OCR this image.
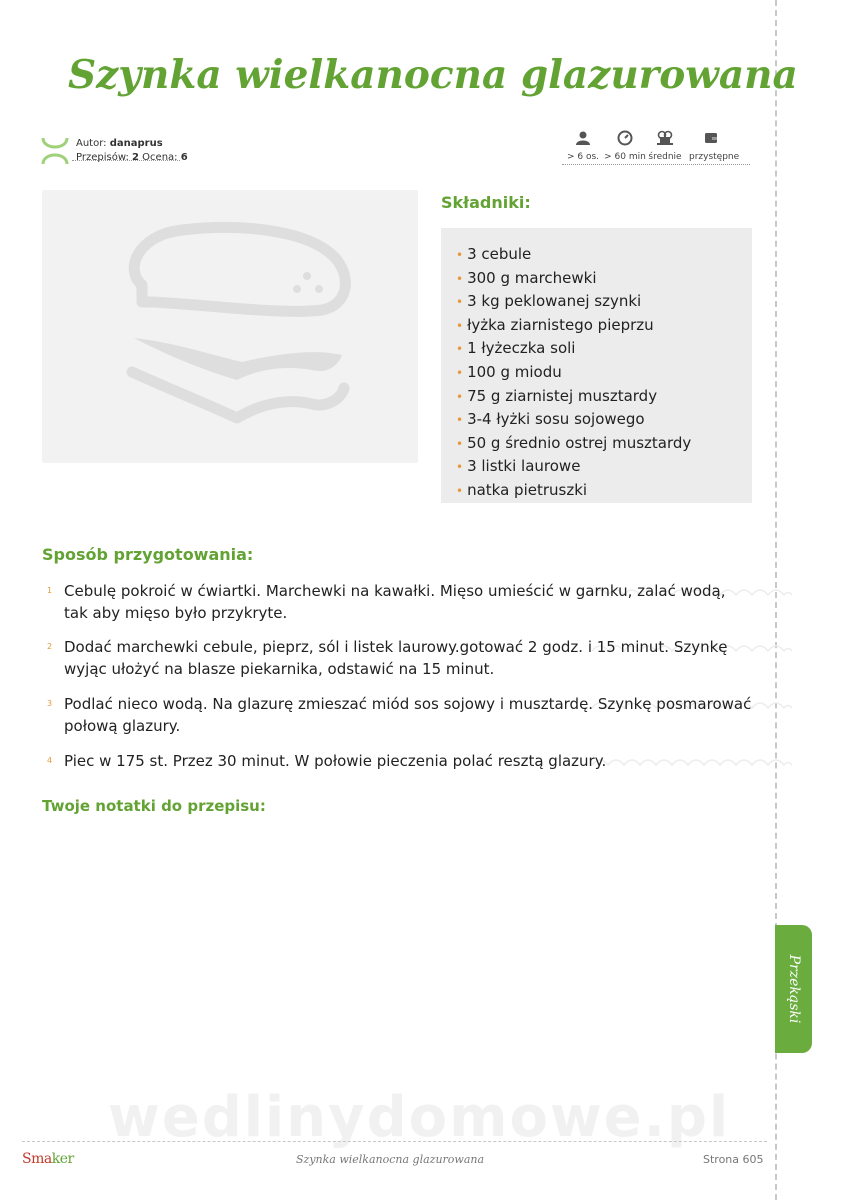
Szynka wielkanocna glazurowana
Autor: danaprus
Przepisów: 2 Ocena: 6	> 6 os. > 60 min średnie przystępne
Składniki:
• 3 cebule
• 300 g marchewki
• 3 kg peklowanej szynki
• łyżka ziarnistego pieprzu
• 1 łyżeczka soli
• 100 g miodu
• 75 g ziarnistej musztardy
• 3-4 łyżki sosu sojowego
• 50 g średnio ostrej musztardy
• 3 listki laurowe
• natka pietruszki
Sposób przygotowania:
1 Cebulę pokroić w ćwiartki. Marchewki na kawałki. Mięso umieścić w garnku, zalać wodą, tak aby mięso było przykryte.

2 Dodać marchewki cebule, pieprz, sól i listek laurowy.gotować 2 godz. i 15 minut. Szynkę wyjąc ułożyć na blasze piekarnika, odstawić na 15 minut.

3 Podlać nieco wodą. Na glazurę zmieszać miód sos sojowy i musztardę. Szynkę posmarować połową glazury.

4 Piec w 175 st. Przez 30 minut. W połowie pieczenia polać resztą glazury.

Twoje notatki do przepisu:
Przekąski
wedlinydomowe.pl
Smaker	Szynka wielkanocna glazurowana	Strona 605
